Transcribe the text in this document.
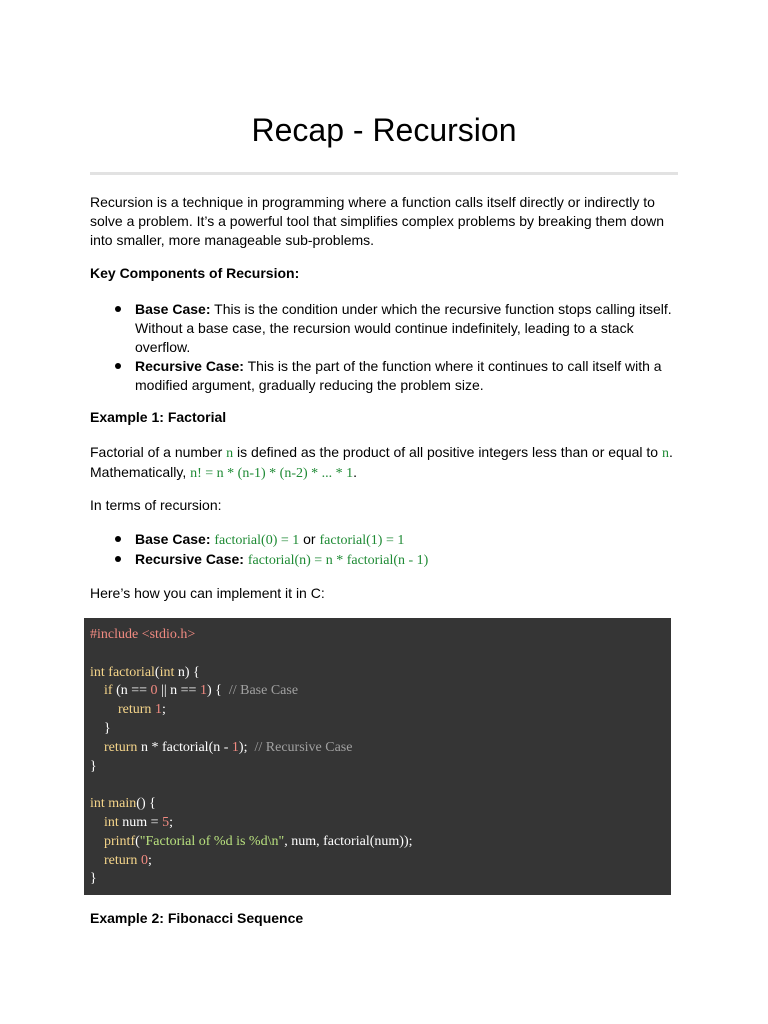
Recap - Recursion

Recursion is a technique in programming where a function calls itself directly or indirectly to solve a problem. It’s a powerful tool that simplifies complex problems by breaking them down into smaller, more manageable sub-problems.

Key Components of Recursion:

Base Case: This is the condition under which the recursive function stops calling itself. Without a base case, the recursion would continue indefinitely, leading to a stack overflow.
Recursive Case: This is the part of the function where it continues to call itself with a modified argument, gradually reducing the problem size.

Example 1: Factorial

Factorial of a number n is defined as the product of all positive integers less than or equal to n. Mathematically, n! = n * (n-1) * (n-2) * ... * 1.

In terms of recursion:

Base Case: factorial(0) = 1 or factorial(1) = 1
Recursive Case: factorial(n) = n * factorial(n - 1)

Here’s how you can implement it in C:

#include <stdio.h>

int factorial(int n) {
if (n == 0 || n == 1) {  // Base Case
return 1;
}
return n * factorial(n - 1);  // Recursive Case
}

int main() {
int num = 5;
printf("Factorial of %d is %d\n", num, factorial(num));
return 0;
}

Example 2: Fibonacci Sequence
